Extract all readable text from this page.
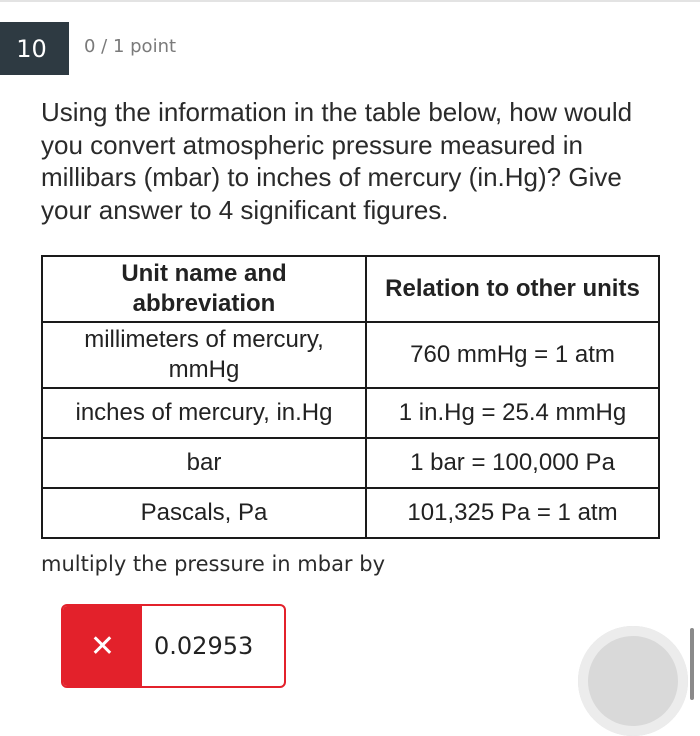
10 0 / 1 point

Using the information in the table below, how would you convert atmospheric pressure measured in millibars (mbar) to inches of mercury (in.Hg)? Give your answer to 4 significant figures.

Unit name and abbreviation	Relation to other units
millimeters of mercury, mmHg	760 mmHg = 1 atm
inches of mercury, in.Hg	1 in.Hg = 25.4 mmHg
bar	1 bar = 100,000 Pa
Pascals, Pa	101,325 Pa = 1 atm
multiply the pressure in mbar by
✕	0.02953
